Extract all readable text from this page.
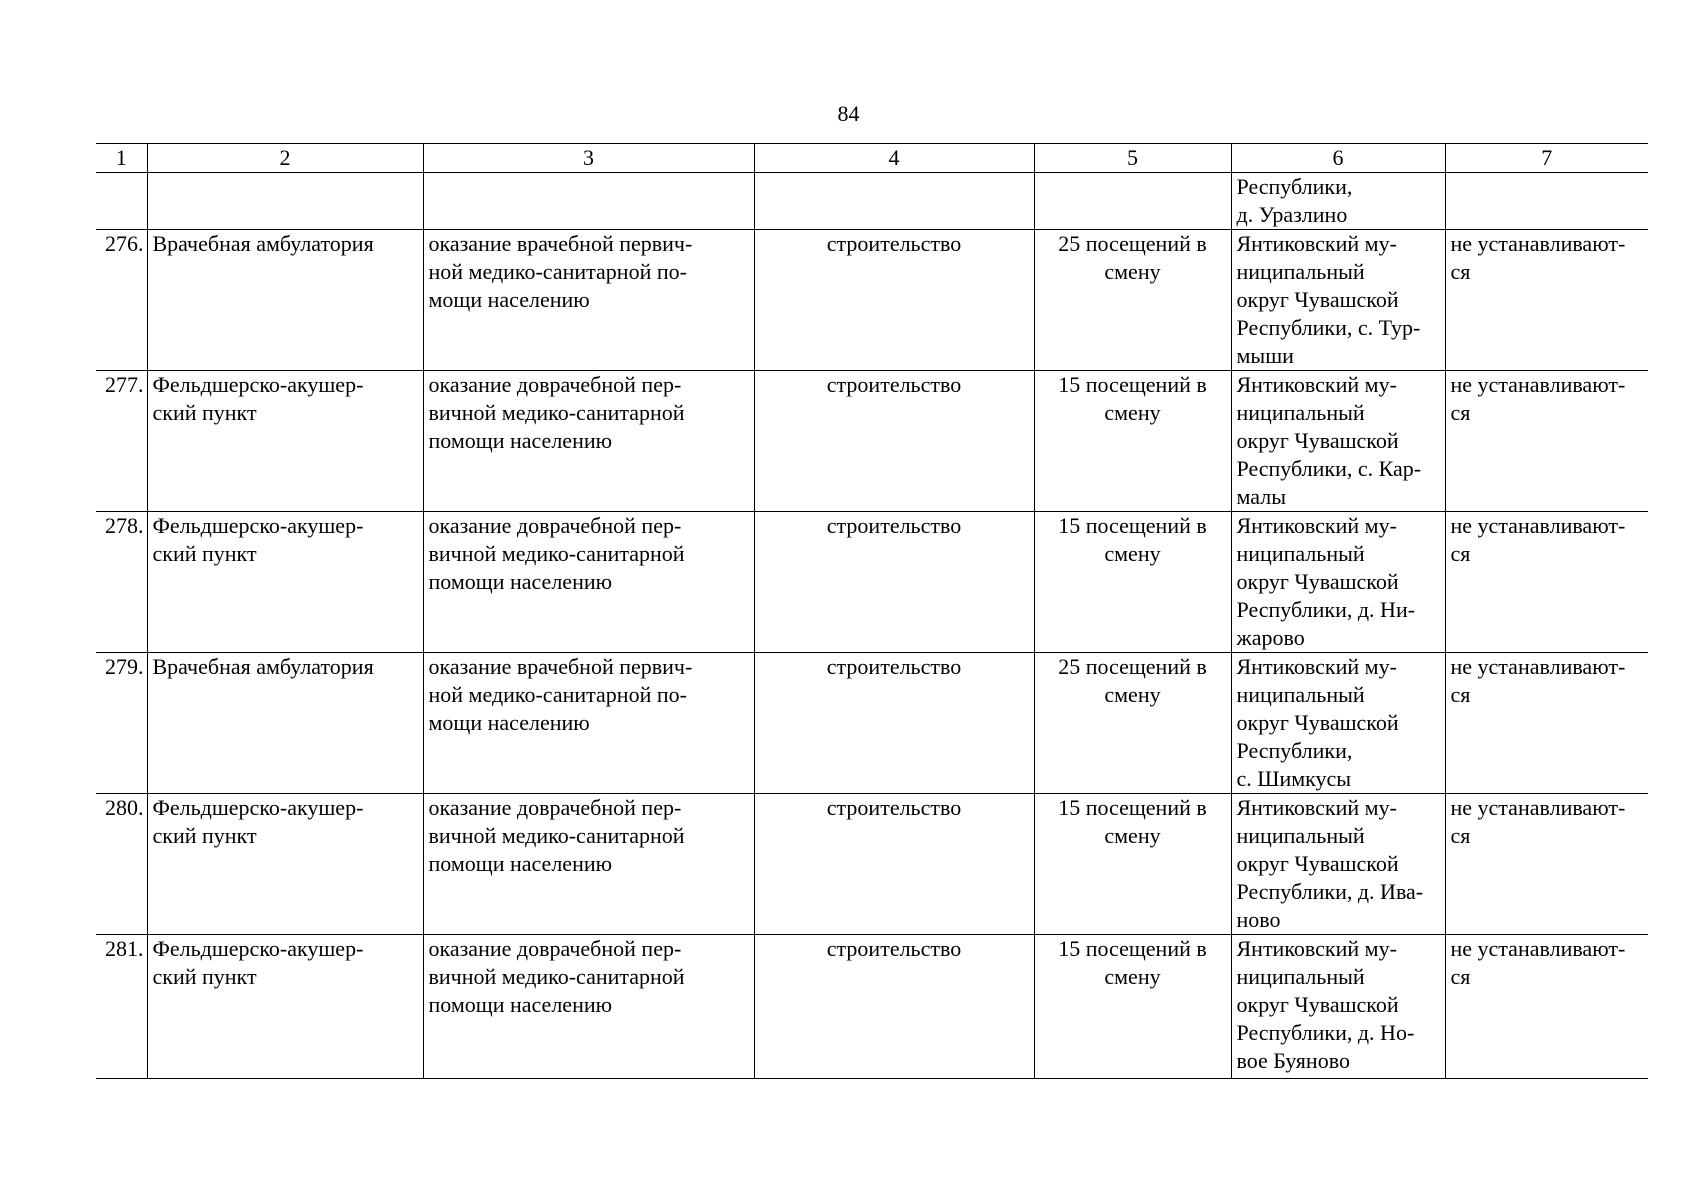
84
1	2	3	4	5	6	7

					Республики,
д. Уразлино	

276.	Врачебная амбулатория	оказание врачебной первич-
ной медико-санитарной по-
мощи населению	строительство	25 посещений в
смену	Янтиковский му-
ниципальный
округ Чувашской
Республики, с. Тур-
мыши	не устанавливают-
ся

277.	Фельдшерско-акушер-
ский пункт	оказание доврачебной пер-
вичной медико-санитарной
помощи населению	строительство	15 посещений в
смену	Янтиковский му-
ниципальный
округ Чувашской
Республики, с. Кар-
малы	не устанавливают-
ся

278.	Фельдшерско-акушер-
ский пункт	оказание доврачебной пер-
вичной медико-санитарной
помощи населению	строительство	15 посещений в
смену	Янтиковский му-
ниципальный
округ Чувашской
Республики, д. Ни-
жарово	не устанавливают-
ся

279.	Врачебная амбулатория	оказание врачебной первич-
ной медико-санитарной по-
мощи населению	строительство	25 посещений в
смену	Янтиковский му-
ниципальный
округ Чувашской
Республики,
с. Шимкусы	не устанавливают-
ся

280.	Фельдшерско-акушер-
ский пункт	оказание доврачебной пер-
вичной медико-санитарной
помощи населению	строительство	15 посещений в
смену	Янтиковский му-
ниципальный
округ Чувашской
Республики, д. Ива-
ново	не устанавливают-
ся

281.	Фельдшерско-акушер-
ский пункт	оказание доврачебной пер-
вичной медико-санитарной
помощи населению	строительство	15 посещений в
смену	Янтиковский му-
ниципальный
округ Чувашской
Республики, д. Но-
вое Буяново	не устанавливают-
ся
